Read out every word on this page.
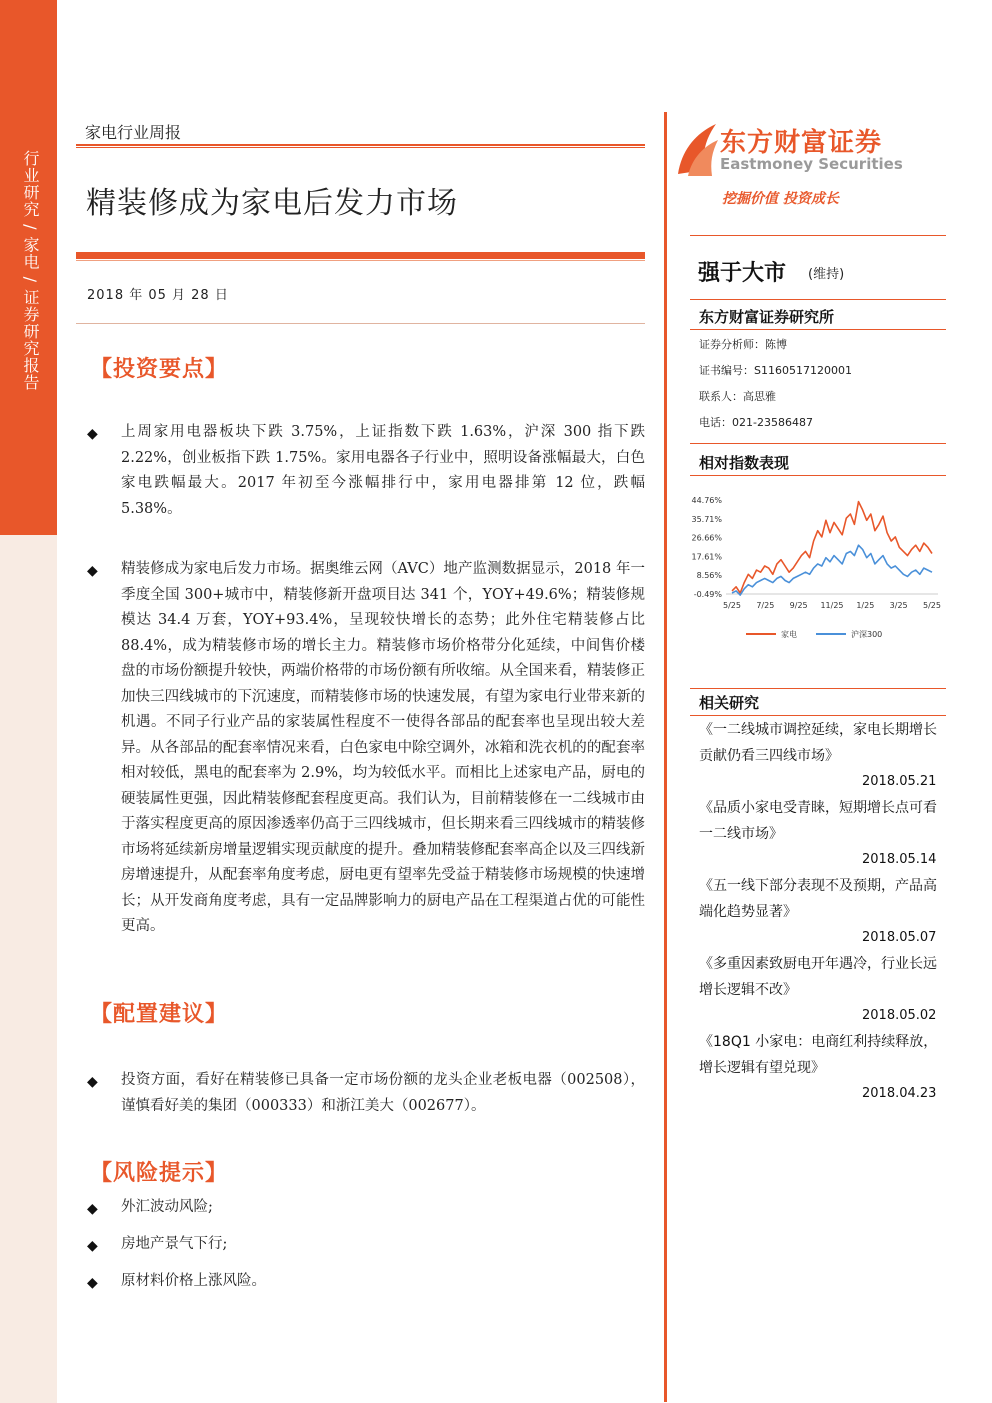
行业研究 / 家电 / 证券研究报告
家电行业周报
精装修成为家电后发力市场
2018 年 05 月 28 日
【投资要点】
◆ 上周家用电器板块下跌 3.75%，上证指数下跌 1.63%，沪深 300 指下跌 2.22%，创业板指下跌 1.75%。家用电器各子行业中，照明设备涨幅最大，白色家电跌幅最大。2017 年初至今涨幅排行中，家用电器排第 12 位，跌幅 5.38%。
◆ 精装修成为家电后发力市场。据奥维云网（AVC）地产监测数据显示，2018 年一季度全国 300+城市中，精装修新开盘项目达 341 个，YOY+49.6%；精装修规模达 34.4 万套，YOY+93.4%，呈现较快增长的态势；此外住宅精装修占比 88.4%，成为精装修市场的增长主力。精装修市场价格带分化延续，中间售价楼盘的市场份额提升较快，两端价格带的市场份额有所收缩。从全国来看，精装修正加快三四线城市的下沉速度，而精装修市场的快速发展，有望为家电行业带来新的机遇。不同子行业产品的家装属性程度不一使得各部品的配套率也呈现出较大差异。从各部品的配套率情况来看，白色家电中除空调外，冰箱和洗衣机的的配套率相对较低，黑电的配套率为 2.9%，均为较低水平。而相比上述家电产品，厨电的硬装属性更强，因此精装修配套程度更高。我们认为，目前精装修在一二线城市由于落实程度更高的原因渗透率仍高于三四线城市，但长期来看三四线城市的精装修市场将延续新房增量逻辑实现贡献度的提升。叠加精装修配套率高企以及三四线新房增速提升，从配套率角度考虑，厨电更有望率先受益于精装修市场规模的快速增长；从开发商角度考虑，具有一定品牌影响力的厨电产品在工程渠道占优的可能性更高。
【配置建议】
◆ 投资方面，看好在精装修已具备一定市场份额的龙头企业老板电器（002508），谨慎看好美的集团（000333）和浙江美大（002677）。
【风险提示】
◆ 外汇波动风险;
◆ 房地产景气下行;
◆ 原材料价格上涨风险。
东方财富证券
Eastmoney Securities
挖掘价值 投资成长
强于大市 (维持)
东方财富证券研究所
证券分析师：陈博
证书编号：S1160517120001
联系人：高思雅
电话：021-23586487
相对指数表现
44.76%
35.71%
26.66%
17.61%
8.56%
-0.49%
5/25 7/25 9/25 11/25 1/25 3/25 5/25
家电	沪深300
相关研究
《一二线城市调控延续，家电长期增长贡献仍看三四线市场》
2018.05.21
《品质小家电受青睐，短期增长点可看一二线市场》
2018.05.14
《五一线下部分表现不及预期，产品高端化趋势显著》
2018.05.07
《多重因素致厨电开年遇冷，行业长远增长逻辑不改》
2018.05.02
《18Q1 小家电：电商红利持续释放，增长逻辑有望兑现》
2018.04.23
